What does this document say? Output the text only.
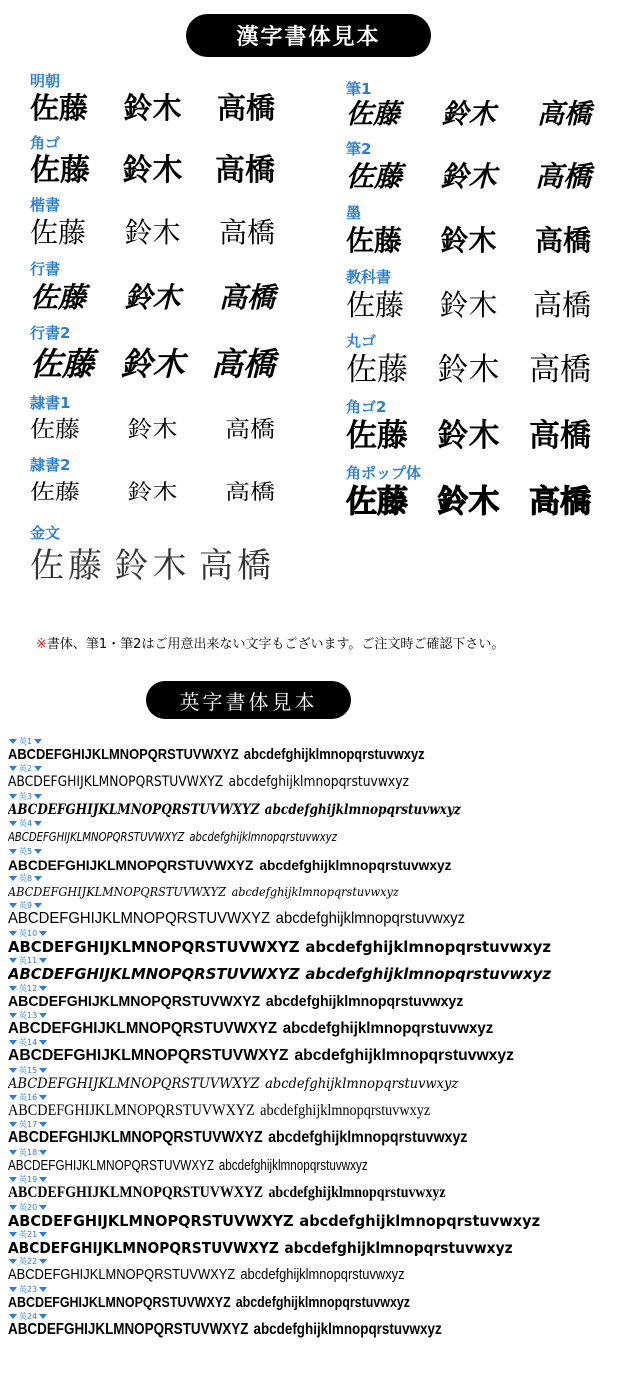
漢字書体見本
明朝
佐藤 鈴木 高橋
角ゴ
佐藤 鈴木 高橋
楷書
佐藤 鈴木 高橋
行書
佐藤 鈴木 高橋
行書2
佐藤 鈴木 高橋
隷書1
佐藤 鈴木 高橋
隷書2
佐藤 鈴木 高橋
金文
佐藤 鈴木 高橋
筆1
佐藤 鈴木 高橋
筆2
佐藤 鈴木 高橋
墨
佐藤 鈴木 高橋
教科書
佐藤 鈴木 高橋
丸ゴ
佐藤 鈴木 高橋
角ゴ2
佐藤 鈴木 高橋
角ポップ体
佐藤 鈴木 高橋
※書体、筆1・筆2はご用意出来ない文字もございます。ご注文時ご確認下さい。
英字書体見本
英1
ABCDEFGHIJKLMNOPQRSTUVWXYZ abcdefghijklmnopqrstuvwxyz
英2
ABCDEFGHIJKLMNOPQRSTUVWXYZ abcdefghijklmnopqrstuvwxyz
英3
ABCDEFGHIJKLMNOPQRSTUVWXYZ abcdefghijklmnopqrstuvwxyz
英4
ABCDEFGHIJKLMNOPQRSTUVWXYZ abcdefghijklmnopqrstuvwxyz
英5
ABCDEFGHIJKLMNOPQRSTUVWXYZ abcdefghijklmnopqrstuvwxyz
英8
ABCDEFGHIJKLMNOPQRSTUVWXYZ abcdefghijklmnopqrstuvwxyz
英9
ABCDEFGHIJKLMNOPQRSTUVWXYZ abcdefghijklmnopqrstuvwxyz
英10
ABCDEFGHIJKLMNOPQRSTUVWXYZ abcdefghijklmnopqrstuvwxyz
英11
ABCDEFGHIJKLMNOPQRSTUVWXYZ abcdefghijklmnopqrstuvwxyz
英12
ABCDEFGHIJKLMNOPQRSTUVWXYZ abcdefghijklmnopqrstuvwxyz
英13
ABCDEFGHIJKLMNOPQRSTUVWXYZ abcdefghijklmnopqrstuvwxyz
英14
ABCDEFGHIJKLMNOPQRSTUVWXYZ abcdefghijklmnopqrstuvwxyz
英15
ABCDEFGHIJKLMNOPQRSTUVWXYZ abcdefghijklmnopqrstuvwxyz
英16
ABCDEFGHIJKLMNOPQRSTUVWXYZ abcdefghijklmnopqrstuvwxyz
英17
ABCDEFGHIJKLMNOPQRSTUVWXYZ abcdefghijklmnopqrstuvwxyz
英18
ABCDEFGHIJKLMNOPQRSTUVWXYZ abcdefghijklmnopqrstuvwxyz
英19
ABCDEFGHIJKLMNOPQRSTUVWXYZ abcdefghijklmnopqrstuvwxyz
英20
ABCDEFGHIJKLMNOPQRSTUVWXYZ abcdefghijklmnopqrstuvwxyz
英21
ABCDEFGHIJKLMNOPQRSTUVWXYZ abcdefghijklmnopqrstuvwxyz
英22
ABCDEFGHIJKLMNOPQRSTUVWXYZ abcdefghijklmnopqrstuvwxyz
英23
ABCDEFGHIJKLMNOPQRSTUVWXYZ abcdefghijklmnopqrstuvwxyz
英24
ABCDEFGHIJKLMNOPQRSTUVWXYZ abcdefghijklmnopqrstuvwxyz
